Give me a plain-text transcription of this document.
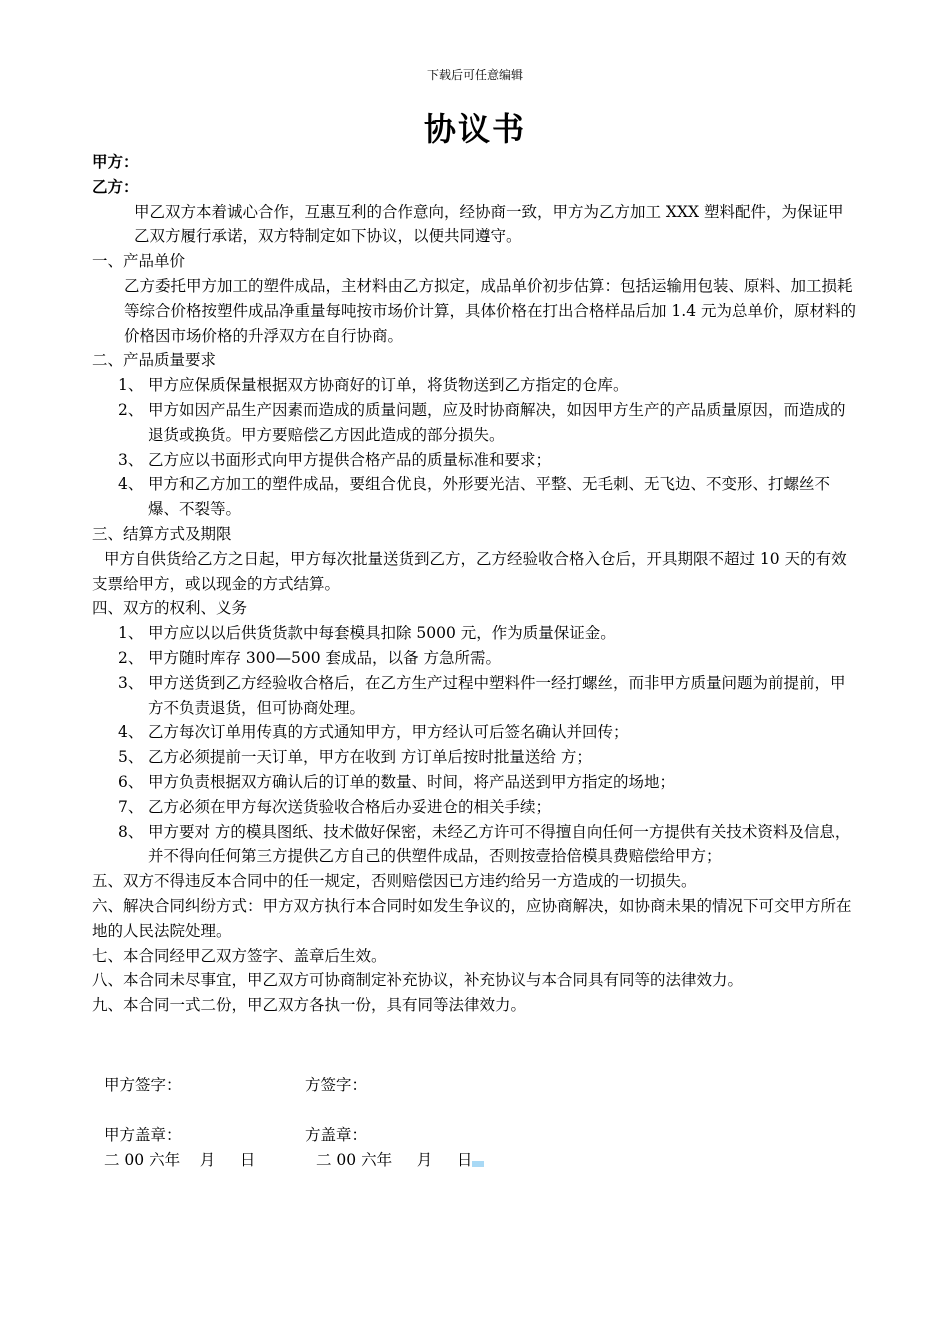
下载后可任意编辑
协议书
甲方：
乙方：
甲乙双方本着诚心合作，互惠互利的合作意向，经协商一致，甲方为乙方加工 XXX 塑料配件，为保证甲乙双方履行承诺，双方特制定如下协议，以便共同遵守。
一、产品单价
乙方委托甲方加工的塑件成品，主材料由乙方拟定，成品单价初步估算：包括运输用包装、原料、加工损耗等综合价格按塑件成品净重量每吨按市场价计算，具体价格在打出合格样品后加 1.4 元为总单价，原材料的价格因市场价格的升浮双方在自行协商。
二、产品质量要求
1、 甲方应保质保量根据双方协商好的订单，将货物送到乙方指定的仓库。
2、 甲方如因产品生产因素而造成的质量问题，应及时协商解决，如因甲方生产的产品质量原因，而造成的退货或换货。甲方要赔偿乙方因此造成的部分损失。
3、 乙方应以书面形式向甲方提供合格产品的质量标准和要求；
4、 甲方和乙方加工的塑件成品，要组合优良，外形要光洁、平整、无毛刺、无飞边、不变形、打螺丝不爆、不裂等。
三、结算方式及期限
甲方自供货给乙方之日起，甲方每次批量送货到乙方，乙方经验收合格入仓后，开具期限不超过 10 天的有效支票给甲方，或以现金的方式结算。
四、双方的权利、义务
1、 甲方应以以后供货货款中每套模具扣除 5000 元，作为质量保证金。
2、 甲方随时库存 300—500 套成品，以备 方急所需。
3、 甲方送货到乙方经验收合格后，在乙方生产过程中塑料件一经打螺丝，而非甲方质量问题为前提前，甲方不负责退货，但可协商处理。
4、 乙方每次订单用传真的方式通知甲方，甲方经认可后签名确认并回传；
5、 乙方必须提前一天订单，甲方在收到 方订单后按时批量送给 方；
6、 甲方负责根据双方确认后的订单的数量、时间，将产品送到甲方指定的场地；
7、 乙方必须在甲方每次送货验收合格后办妥进仓的相关手续；
8、 甲方要对 方的模具图纸、技术做好保密，未经乙方许可不得擅自向任何一方提供有关技术资料及信息，并不得向任何第三方提供乙方自己的供塑件成品，否则按壹拾倍模具费赔偿给甲方；
五、双方不得违反本合同中的任一规定，否则赔偿因已方违约给另一方造成的一切损失。
六、解决合同纠纷方式：甲方双方执行本合同时如发生争议的，应协商解决，如协商未果的情况下可交甲方所在地的人民法院处理。
七、本合同经甲乙双方签字、盖章后生效。
八、本合同未尽事宜，甲乙双方可协商制定补充协议，补充协议与本合同具有同等的法律效力。
九、本合同一式二份，甲乙双方各执一份，具有同等法律效力。
甲方签字：	方签字：
甲方盖章：	方盖章：
二 00 六年    月     日	二 00 六年     月     日
